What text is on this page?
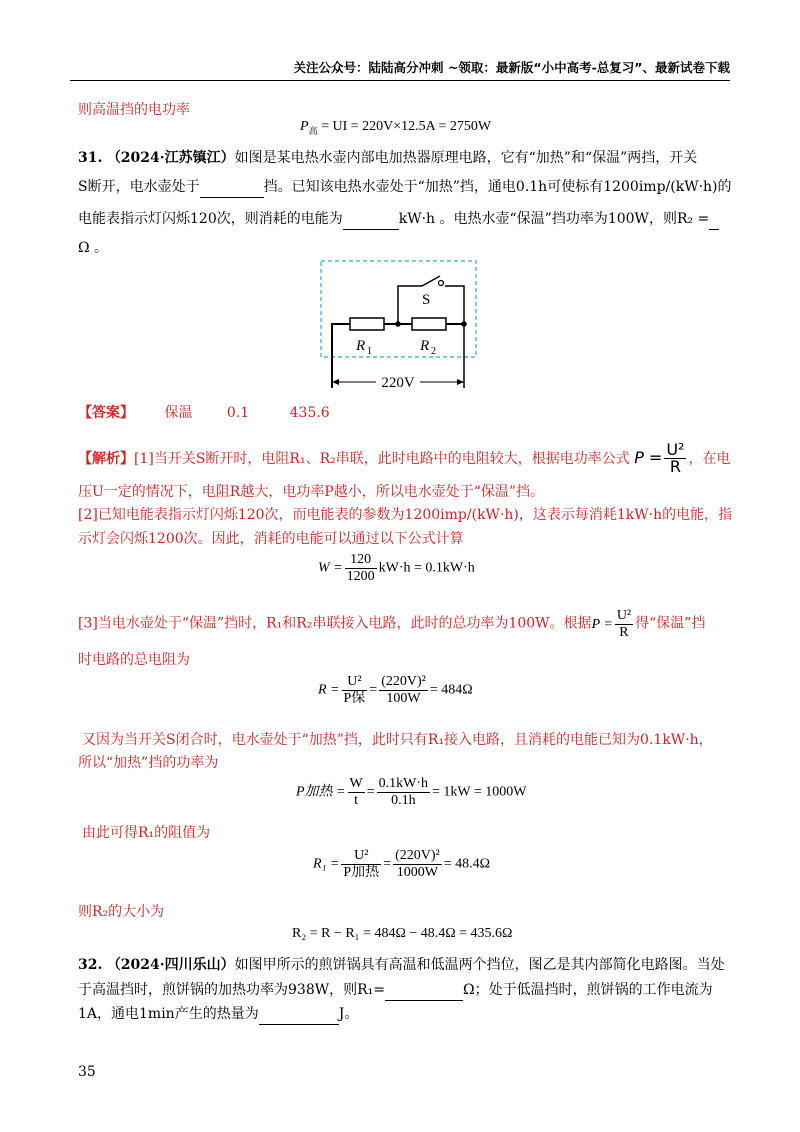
关注公众号：陆陆高分冲刺 ~领取：最新版“小中高考-总复习”、最新试卷下载
则高温挡的电功率
$P_高$ = UI = 220V×12.5A = 2750W
31. （2024·江苏镇江）如图是某电热水壶内部电加热器原理电路，它有“加热”和“保温”两挡，开关
S断开，电水壶处于	挡。已知该电热水壶处于“加热”挡，通电0.1h可使标有1200imp/(kW·h)的
电能表指示灯闪烁120次，则消耗的电能为	kW·h 。电热水壶“保温”挡功率为100W，则R₂ =
Ω 。
S
R 1	R 2
220V
【答案】 保温 0.1	435.6
【解析】[1]当开关S断开时，电阻R₁、R₂串联，此时电路中的电阻较大，根据电功率公式 $P = \frac{\text{U²}}{R}$ ，在电
压U一定的情况下，电阻R越大，电功率P越小，所以电水壶处于“保温”挡。
[2]已知电能表指示灯闪烁120次，而电能表的参数为1200imp/(kW·h)，这表示每消耗1kW·h的电能，指
示灯会闪烁1200次。因此，消耗的电能可以通过以下公式计算
$W = \frac{120}{1200} kW\cdot h = 0.1kW\cdot h$
[3]当电水壶处于“保温”挡时，R₁和R₂串联接入电路，此时的总功率为100W。根据$P = \frac{\text{U²}}{R}$ 得“保温”挡
时电路的总电阻为
$R = \frac{\text{U²}}{\text{P保}} = \frac{\text{(220V)²}}{100W} = 484\Omega$
又因为当开关S闭合时，电水壶处于“加热”挡，此时只有R₁接入电路，且消耗的电能已知为0.1kW·h，
所以“加热”挡的功率为
P加热 = $\frac{W}{t} = \frac{0.1kW\cdot h}{0.1h} = 1kW = 1000W$
由此可得R₁的阻值为
$R_1 = \frac{\text{U²}}{\text{P加热}} = \frac{\text{(220V)²}}{1000W} = 48.4\Omega$
则R₂的大小为
R₂ = R − R₁ = 484Ω − 48.4Ω = 435.6Ω
32. （2024·四川乐山）如图甲所示的煎饼锅具有高温和低温两个挡位，图乙是其内部简化电路图。当处
于高温挡时，煎饼锅的加热功率为938W，则R₁=	Ω；处于低温挡时，煎饼锅的工作电流为
1A，通电1min产生的热量为	J。
35
